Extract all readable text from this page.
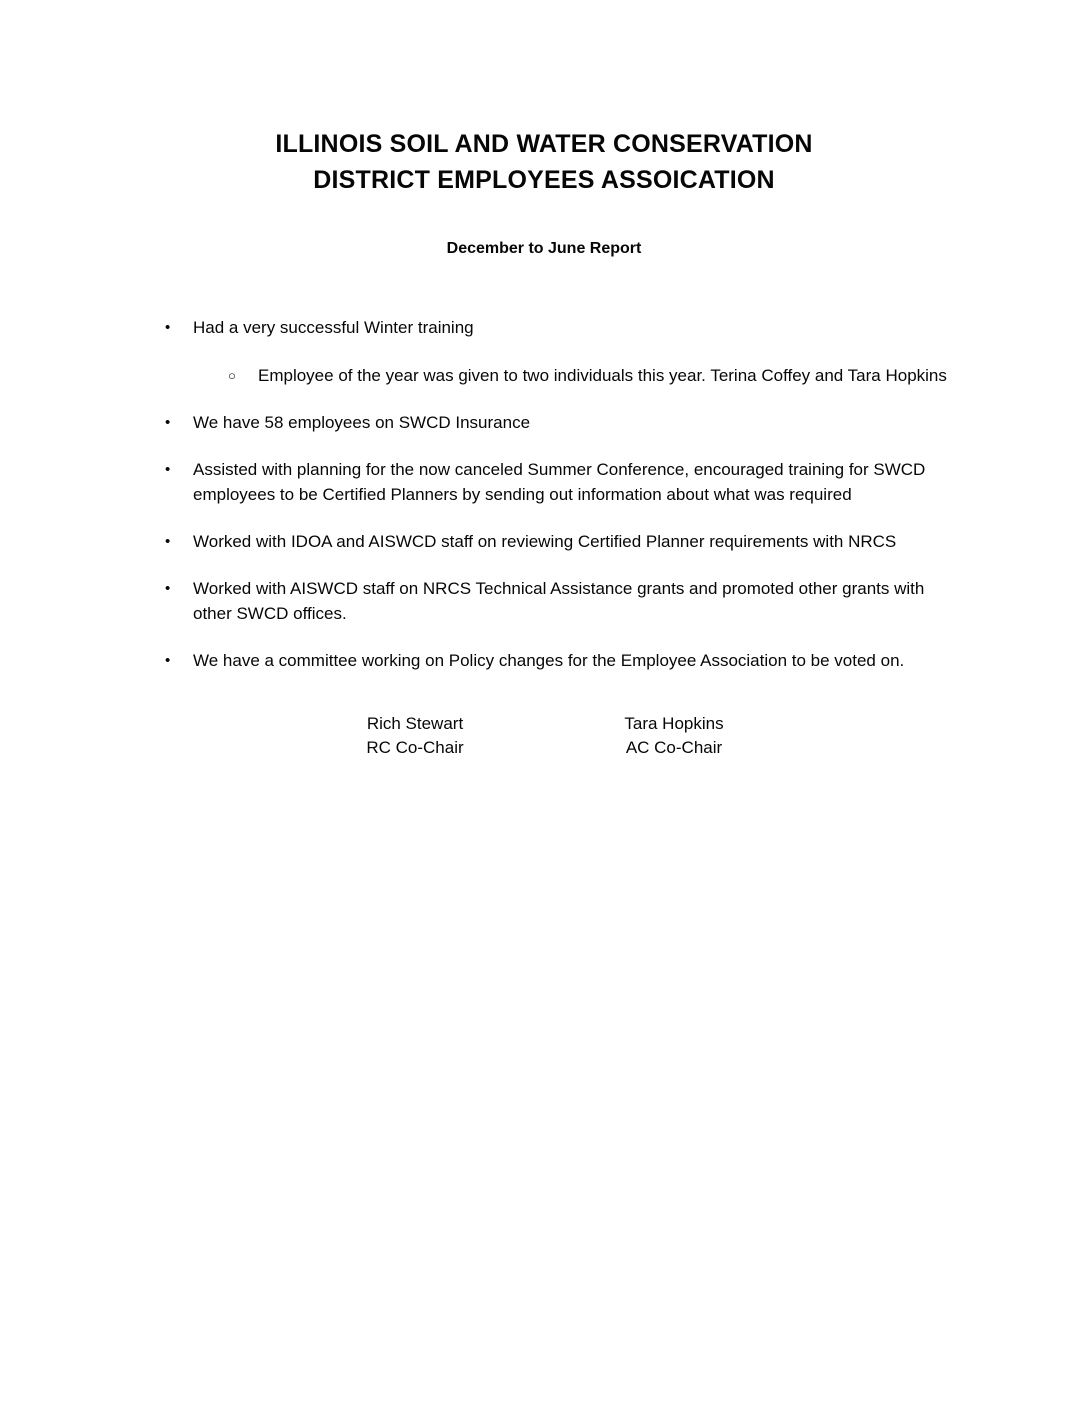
ILLINOIS SOIL AND WATER CONSERVATION
DISTRICT EMPLOYEES ASSOICATION
December to June Report
•	Had a very successful Winter training
○	Employee of the year was given to two individuals this year. Terina Coffey and Tara Hopkins
•	We have 58 employees on SWCD Insurance
•	Assisted with planning for the now canceled Summer Conference, encouraged training for SWCD employees to be Certified Planners by sending out information about what was required
•	Worked with IDOA and AISWCD staff on reviewing Certified Planner requirements with NRCS
•	Worked with AISWCD staff on NRCS Technical Assistance grants and promoted other grants with other SWCD offices.
•	We have a committee working on Policy changes for the Employee Association to be voted on.
Rich Stewart
RC Co-Chair
Tara Hopkins
AC Co-Chair
